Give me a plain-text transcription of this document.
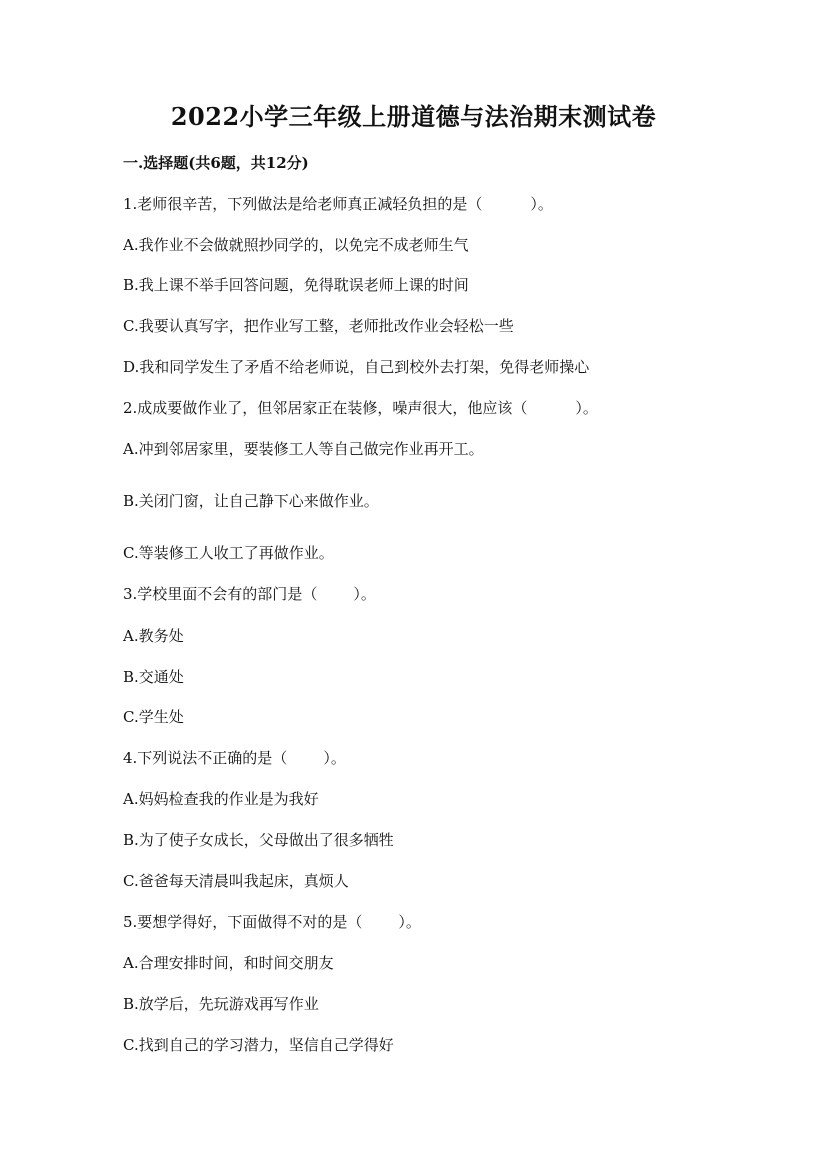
2022小学三年级上册道德与法治期末测试卷
一.选择题(共6题，共12分)
1.老师很辛苦，下列做法是给老师真正减轻负担的是（	）。
A.我作业不会做就照抄同学的，以免完不成老师生气
B.我上课不举手回答问题，免得耽误老师上课的时间
C.我要认真写字，把作业写工整，老师批改作业会轻松一些
D.我和同学发生了矛盾不给老师说，自己到校外去打架，免得老师操心
2.成成要做作业了，但邻居家正在装修，噪声很大，他应该（	）。
A.冲到邻居家里，要装修工人等自己做完作业再开工。
B.关闭门窗，让自己静下心来做作业。
C.等装修工人收工了再做作业。
3.学校里面不会有的部门是（ ）。
A.教务处
B.交通处
C.学生处
4.下列说法不正确的是（ ）。
A.妈妈检查我的作业是为我好
B.为了使子女成长，父母做出了很多牺牲
C.爸爸每天清晨叫我起床，真烦人
5.要想学得好，下面做得不对的是（ ）。
A.合理安排时间，和时间交朋友
B.放学后，先玩游戏再写作业
C.找到自己的学习潜力，坚信自己学得好
